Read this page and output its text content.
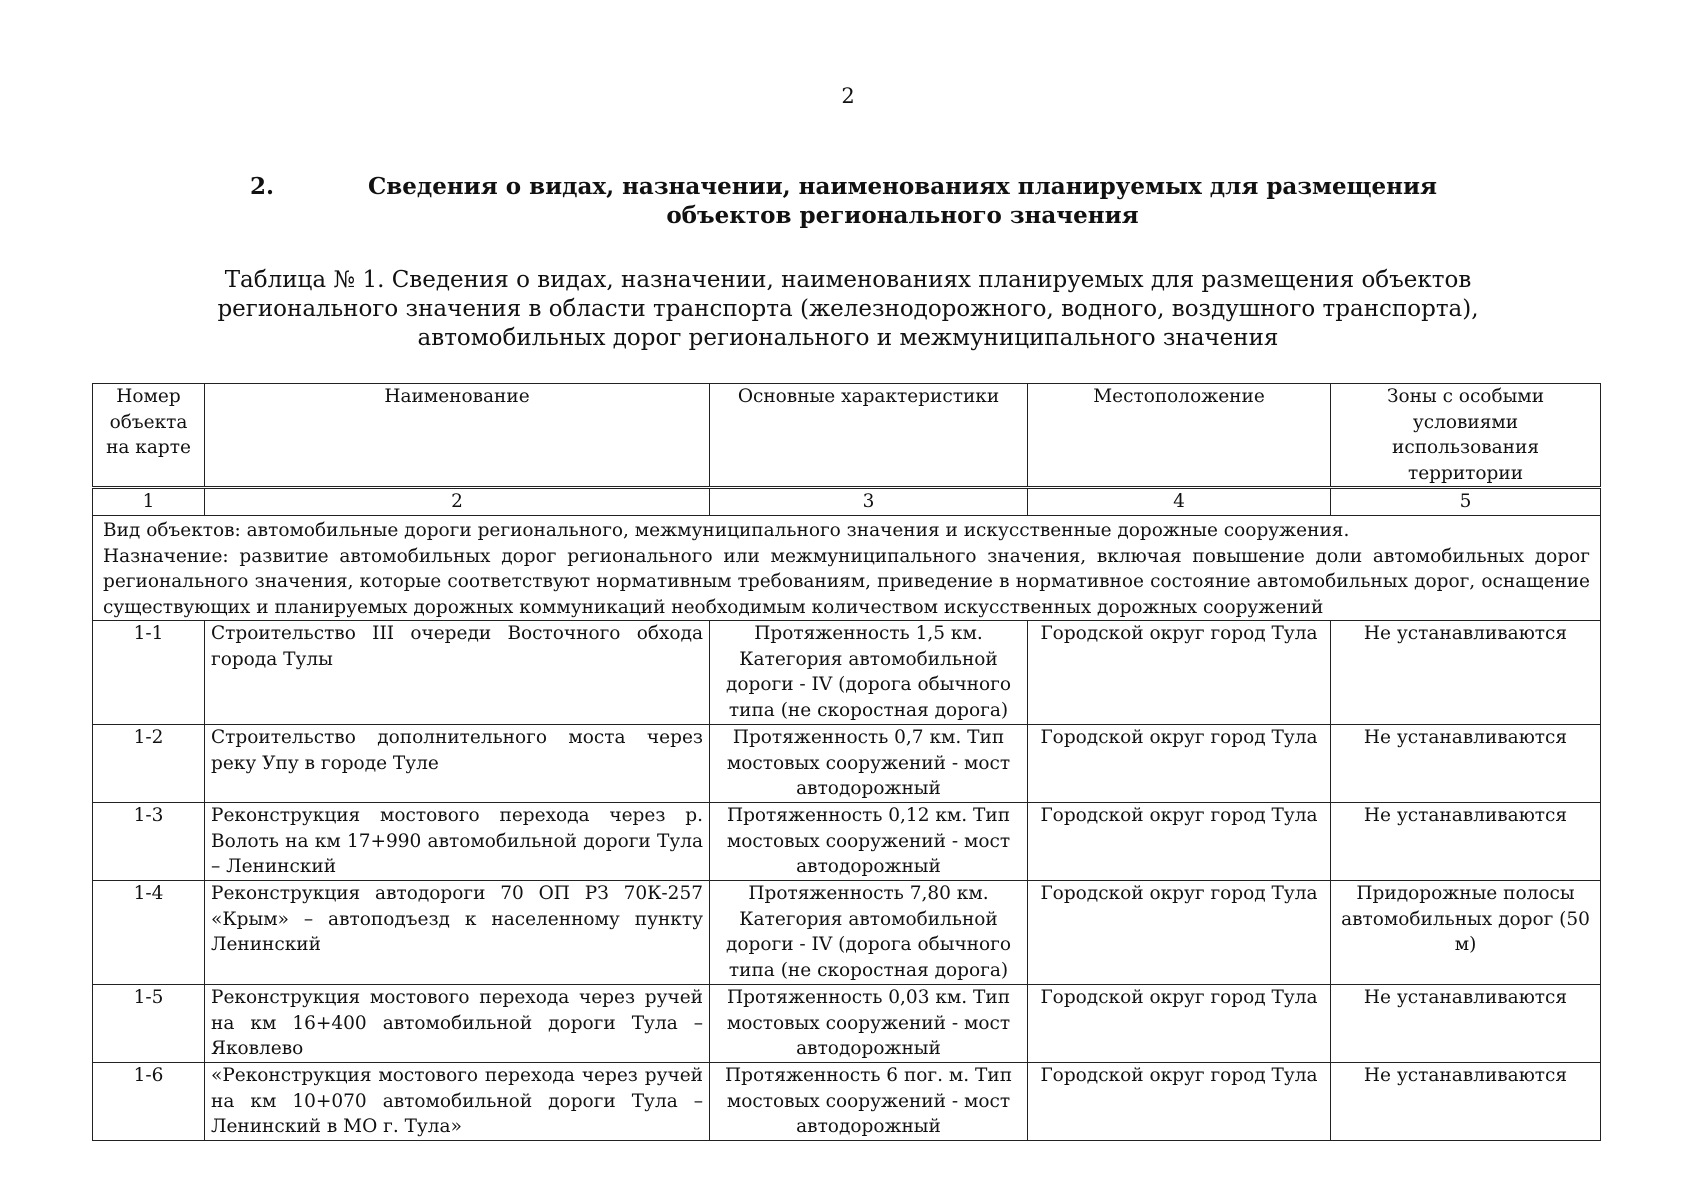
2
2.	Сведения о видах, назначении, наименованиях планируемых для размещения объектов регионального значения
Таблица № 1. Сведения о видах, назначении, наименованиях планируемых для размещения объектов регионального значения в области транспорта (железнодорожного, водного, воздушного транспорта), автомобильных дорог регионального и межмуниципального значения
Номер объекта на карте	Наименование	Основные характеристики	Местоположение	Зоны с особыми условиями использования территории
1	2	3	4	5

Вид объектов: автомобильные дороги регионального, межмуниципального значения и искусственные дорожные сооружения.
Назначение: развитие автомобильных дорог регионального или межмуниципального значения, включая повышение доли автомобильных дорог регионального значения, которые соответствуют нормативным требованиям, приведение в нормативное состояние автомобильных дорог, оснащение существующих и планируемых дорожных коммуникаций необходимым количеством искусственных дорожных сооружений				

1-1	Строительство III очереди Восточного обхода города Тулы	Протяженность 1,5 км. Категория автомобильной дороги - IV (дорога обычного типа (не скоростная дорога)	Городской округ город Тула	Не устанавливаются
1-2	Строительство дополнительного моста через реку Упу в городе Туле	Протяженность 0,7 км. Тип мостовых сооружений - мост автодорожный	Городской округ город Тула	Не устанавливаются
1-3	Реконструкция мостового перехода через р. Волоть на км 17+990 автомобильной дороги Тула – Ленинский	Протяженность 0,12 км. Тип мостовых сооружений - мост автодорожный	Городской округ город Тула	Не устанавливаются
1-4	Реконструкция автодороги 70 ОП РЗ 70К-257 «Крым» – автоподъезд к населенному пункту Ленинский	Протяженность 7,80 км. Категория автомобильной дороги - IV (дорога обычного типа (не скоростная дорога)	Городской округ город Тула	Придорожные полосы автомобильных дорог (50 м)
1-5	Реконструкция мостового перехода через ручей на км 16+400 автомобильной дороги Тула – Яковлево	Протяженность 0,03 км. Тип мостовых сооружений - мост автодорожный	Городской округ город Тула	Не устанавливаются
1-6	«Реконструкция мостового перехода через ручей на км 10+070 автомобильной дороги Тула – Ленинский в МО г. Тула»	Протяженность 6 пог. м. Тип мостовых сооружений - мост автодорожный	Городской округ город Тула	Не устанавливаются
